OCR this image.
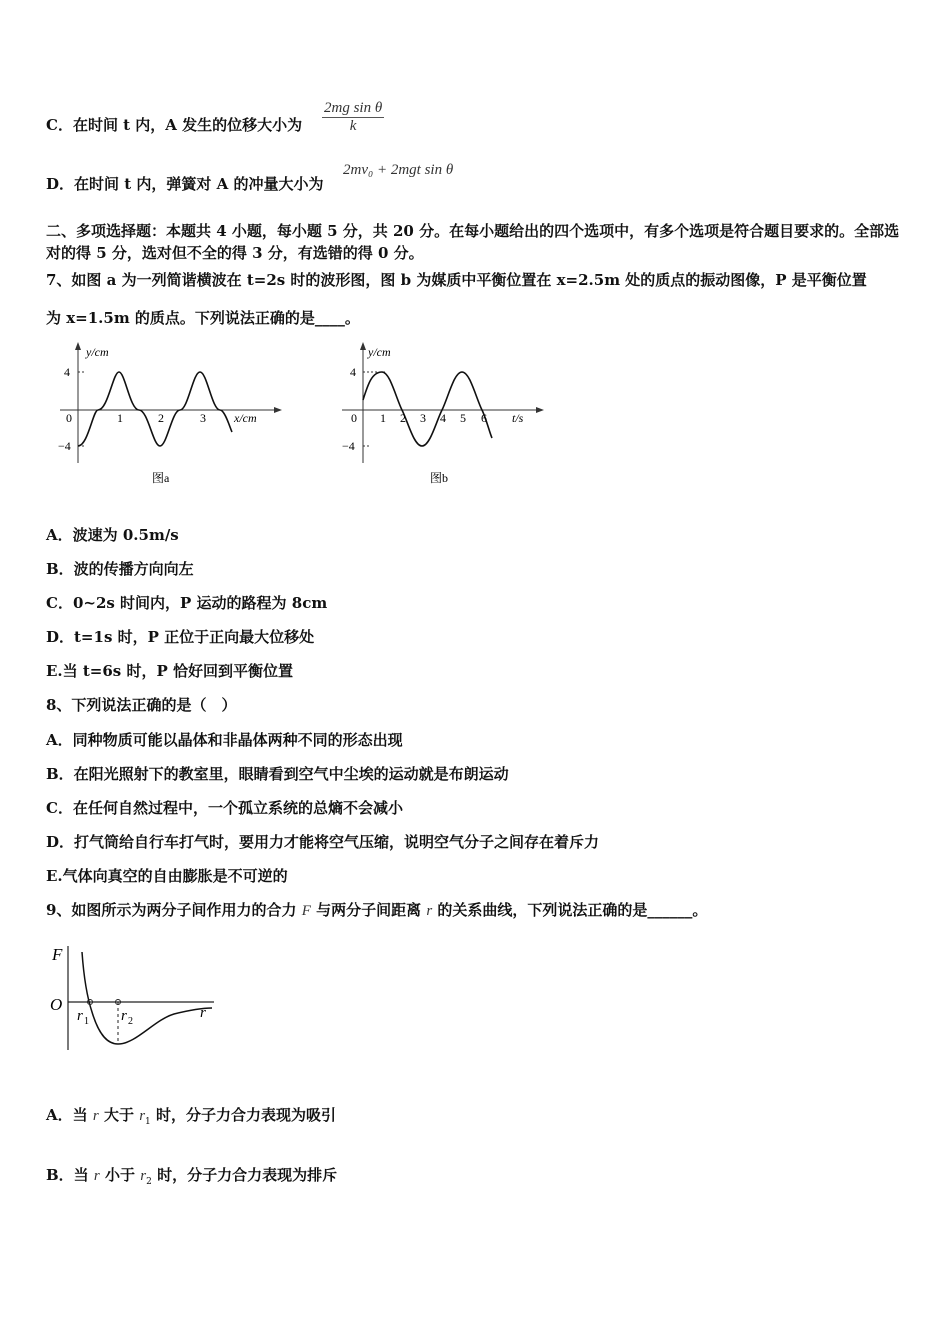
C．在时间 t 内，A 发生的位移大小为 $\frac{\text{2mg sin θ}}{k}$
D．在时间 t 内，弹簧对 A 的冲量大小为
2mv₀ + 2mgt sin θ
二、多项选择题：本题共 4 小题，每小题 5 分，共 20 分。在每小题给出的四个选项中，有多个选项是符合题目要求的。全部选对的得 5 分，选对但不全的得 3 分，有选错的得 0 分。
7、如图 a 为一列简谐横波在 t=2s 时的波形图，图 b 为媒质中平衡位置在 x=2.5m 处的质点的振动图像，P 是平衡位置
为 x=1.5m 的质点。下列说法正确的是____。
y/cm
4
−4
0	1	2	3 x/cm
图a
y/cm
4
−4
0 1 2 3 4 5 6 t/s
图b
A．波速为 0.5m/s
B．波的传播方向向左
C．0~2s 时间内，P 运动的路程为 8cm
D．t=1s 时，P 正位于正向最大位移处
E.当 t=6s 时，P 恰好回到平衡位置
8、下列说法正确的是（　）
A．同种物质可能以晶体和非晶体两种不同的形态出现
B．在阳光照射下的教室里，眼睛看到空气中尘埃的运动就是布朗运动
C．在任何自然过程中，一个孤立系统的总熵不会减小
D．打气筒给自行车打气时，要用力才能将空气压缩，说明空气分子之间存在着斥力
E.气体向真空的自由膨胀是不可逆的
9、如图所示为两分子间作用力的合力 F 与两分子间距离 r 的关系曲线，下列说法正确的是______。
F
O
r 1 r 2
r
A．当 r 大于 $r_1$ 时，分子力合力表现为吸引
B．当 r 小于 $r_2$ 时，分子力合力表现为排斥
